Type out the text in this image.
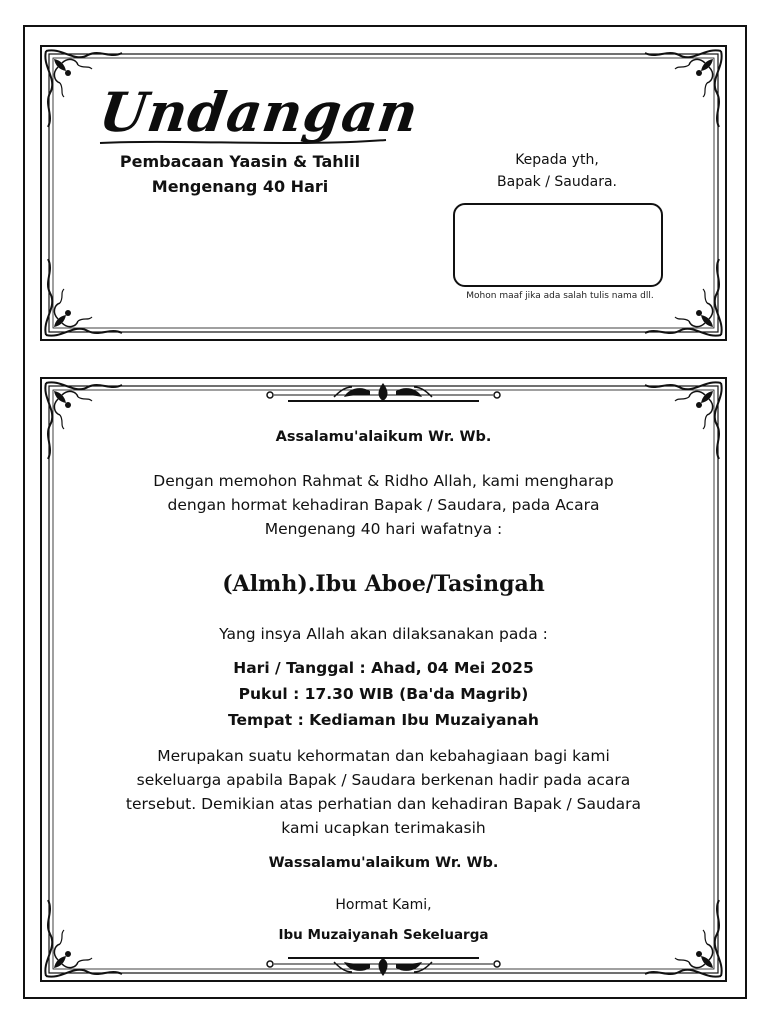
Undangan
Pembacaan Yaasin & Tahlil
Mengenang 40 Hari
Kepada yth,
Bapak / Saudara.
Mohon maaf jika ada salah tulis nama dll.
Assalamu'alaikum Wr. Wb.
Dengan memohon Rahmat & Ridho Allah, kami mengharap
dengan hormat kehadiran Bapak / Saudara, pada Acara
Mengenang 40 hari wafatnya :
(Almh).Ibu Aboe/Tasingah
Yang insya Allah akan dilaksanakan pada :
Hari / Tanggal : Ahad, 04 Mei 2025
Pukul : 17.30 WIB (Ba'da Magrib)
Tempat : Kediaman Ibu Muzaiyanah
Merupakan suatu kehormatan dan kebahagiaan bagi kami
sekeluarga apabila Bapak / Saudara berkenan hadir pada acara
tersebut. Demikian atas perhatian dan kehadiran Bapak / Saudara
kami ucapkan terimakasih
Wassalamu'alaikum Wr. Wb.
Hormat Kami,
Ibu Muzaiyanah Sekeluarga
